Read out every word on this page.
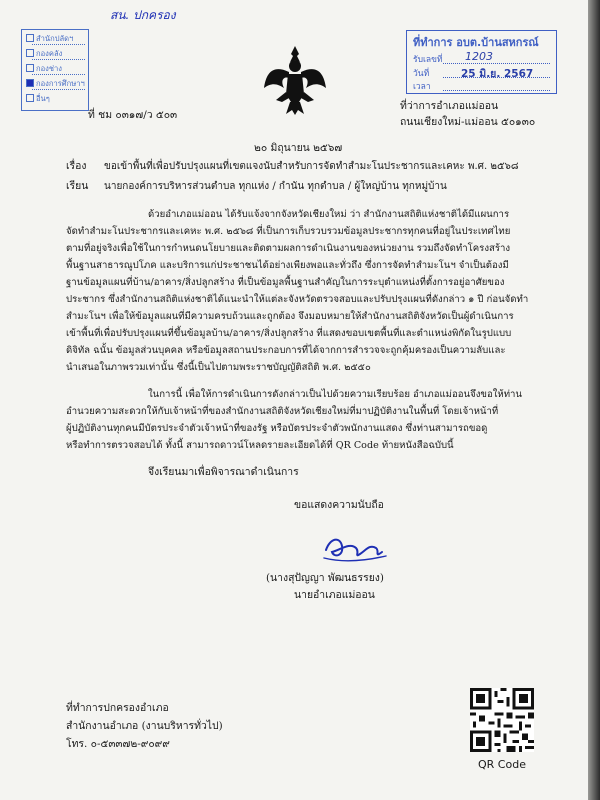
สน. ปกครอง
สำนักปลัดฯ
กองคลัง
กองช่าง
กองการศึกษาฯ
อื่นๆ
ที่ ชม ๐๓๑๗/ว ๕๐๓
ที่ทำการ อบต.บ้านสหกรณ์
รับเลขที่ 1203
วันที่	25 มิ.ย. 2567
เวลา
ที่ว่าการอำเภอแม่ออน
ถนนเชียงใหม่-แม่ออน ๕๐๑๓๐
๒๐ มิถุนายน ๒๕๖๗
เรื่อง ขอเข้าพื้นที่เพื่อปรับปรุงแผนที่เขตแจงนับสำหรับการจัดทำสำมะโนประชากรและเคหะ พ.ศ. ๒๕๖๘
เรียน นายกองค์การบริหารส่วนตำบล ทุกแห่ง / กำนัน ทุกตำบล / ผู้ใหญ่บ้าน ทุกหมู่บ้าน
ด้วยอำเภอแม่ออน ได้รับแจ้งจากจังหวัดเชียงใหม่ ว่า สำนักงานสถิติแห่งชาติได้มีแผนการ
จัดทำสำมะโนประชากรและเคหะ พ.ศ. ๒๕๖๘ ที่เป็นการเก็บรวบรวมข้อมูลประชากรทุกคนที่อยู่ในประเทศไทย
ตามที่อยู่จริงเพื่อใช้ในการกำหนดนโยบายและติดตามผลการดำเนินงานของหน่วยงาน รวมถึงจัดทำโครงสร้าง
พื้นฐานสาธารณูปโภค และบริการแก่ประชาชนได้อย่างเพียงพอและทั่วถึง ซึ่งการจัดทำสำมะโนฯ จำเป็นต้องมี
ฐานข้อมูลแผนที่บ้าน/อาคาร/สิ่งปลูกสร้าง ที่เป็นข้อมูลพื้นฐานสำคัญในการระบุตำแหน่งที่ตั้งการอยู่อาศัยของ
ประชากร ซึ่งสำนักงานสถิติแห่งชาติได้แนะนำให้แต่ละจังหวัดตรวจสอบและปรับปรุงแผนที่ดังกล่าว ๑ ปี ก่อนจัดทำ
สำมะโนฯ เพื่อให้ข้อมูลแผนที่มีความครบถ้วนและถูกต้อง จึงมอบหมายให้สำนักงานสถิติจังหวัดเป็นผู้ดำเนินการ
เข้าพื้นที่เพื่อปรับปรุงแผนที่ขึ้นข้อมูลบ้าน/อาคาร/สิ่งปลูกสร้าง ที่แสดงขอบเขตพื้นที่และตำแหน่งพิกัดในรูปแบบ
ดิจิทัล ฉนั้น ข้อมูลส่วนบุคคล หรือข้อมูลสถานประกอบการที่ได้จากการสำรวจจะถูกคุ้มครองเป็นความลับและ
นำเสนอในภาพรวมเท่านั้น ซึ่งนี้เป็นไปตามพระราชบัญญัติสถิติ พ.ศ. ๒๕๕๐
ในการนี้ เพื่อให้การดำเนินการดังกล่าวเป็นไปด้วยความเรียบร้อย อำเภอแม่ออนจึงขอให้ท่าน
อำนวยความสะดวกให้กับเจ้าหน้าที่ของสำนักงานสถิติจังหวัดเชียงใหม่ที่มาปฏิบัติงานในพื้นที่ โดยเจ้าหน้าที่
ผู้ปฏิบัติงานทุกคนมีบัตรประจำตัวเจ้าหน้าที่ของรัฐ หรือบัตรประจำตัวพนักงานแสดง ซึ่งท่านสามารถขอดู
หรือทำการตรวจสอบได้ ทั้งนี้ สามารถดาวน์โหลดรายละเอียดได้ที่ QR Code ท้ายหนังสือฉบับนี้
จึงเรียนมาเพื่อพิจารณาดำเนินการ
ขอแสดงความนับถือ
(นางสุปัญญา พัฒนธรรยง)
นายอำเภอแม่ออน
ที่ทำการปกครองอำเภอ
สำนักงานอำเภอ (งานบริหารทั่วไป)
โทร. ๐-๕๓๓๗๒-๙๐๙๙
QR Code
